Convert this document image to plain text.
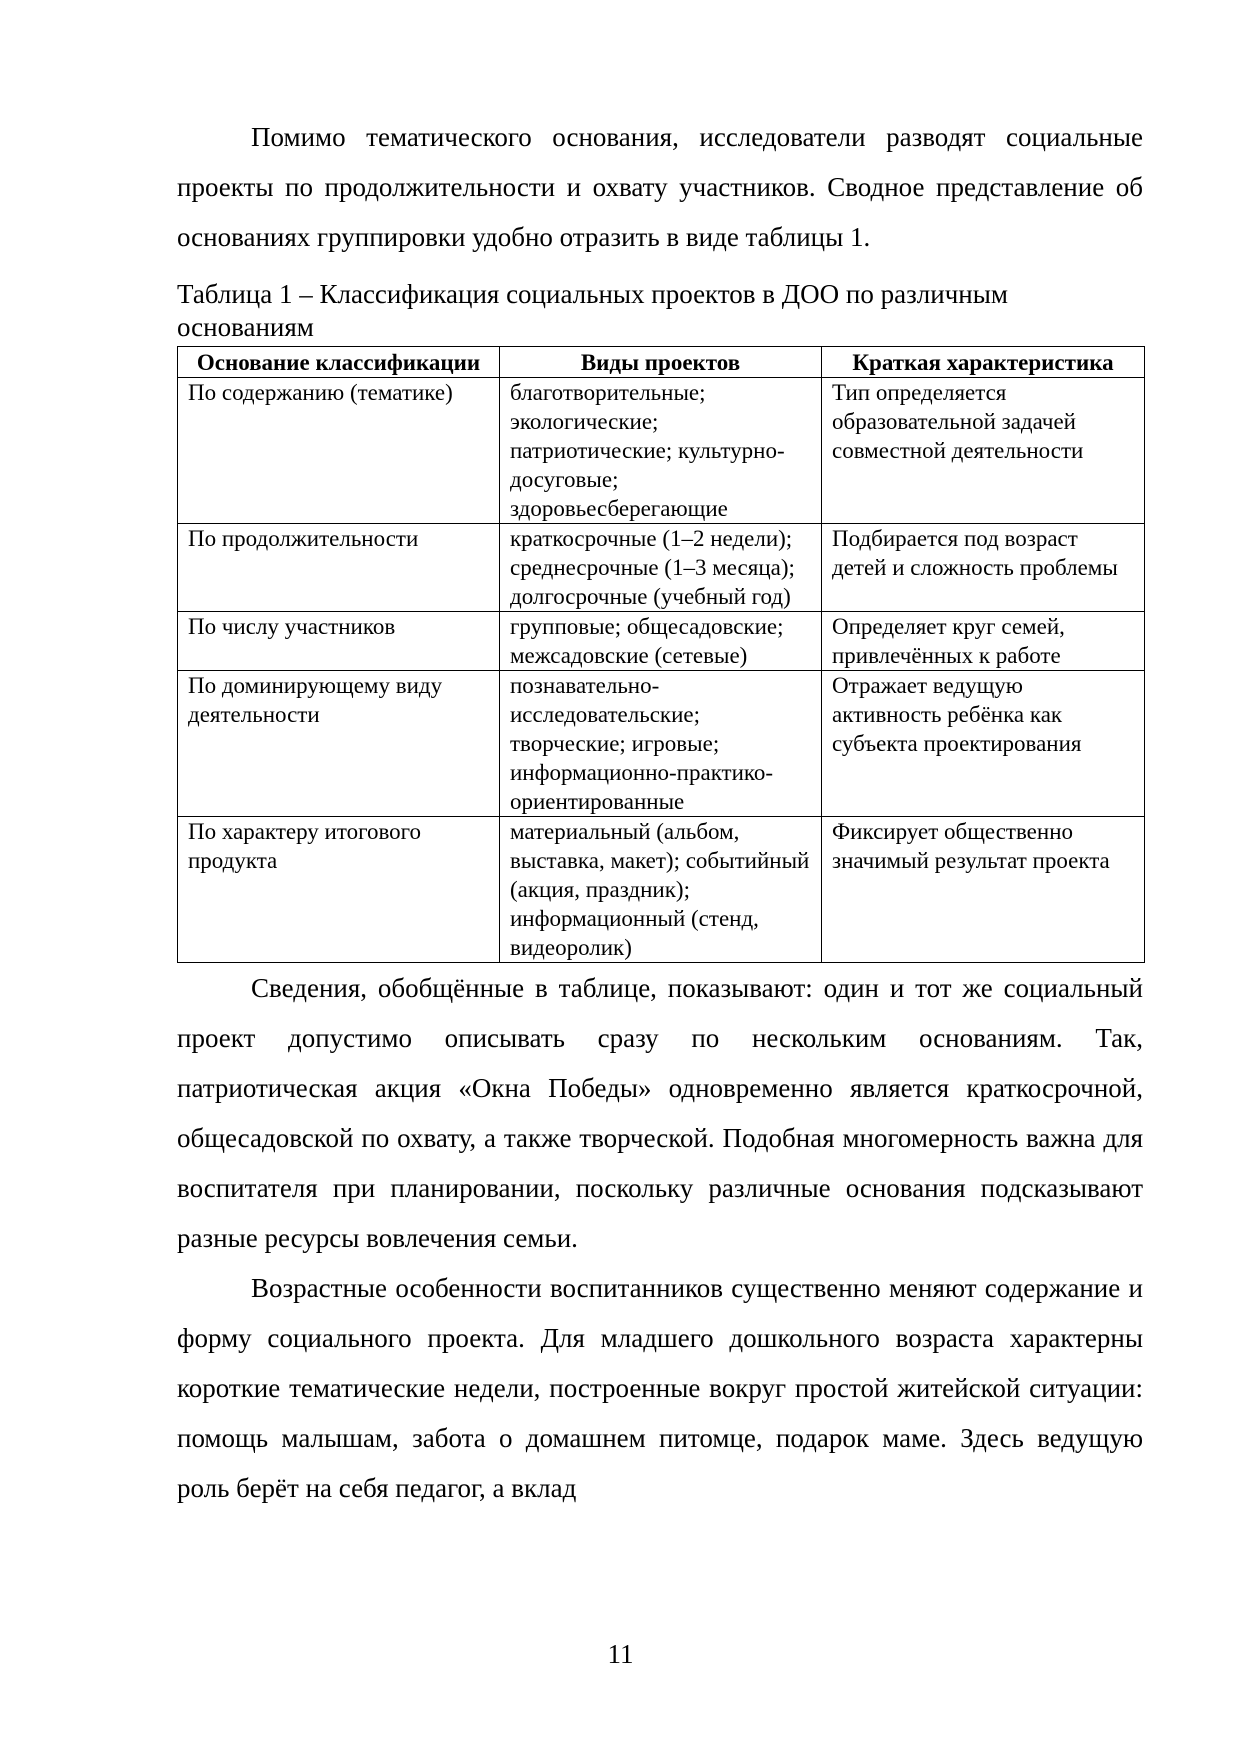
Помимо тематического основания, исследователи разводят социальные проекты по продолжительности и охвату участников. Сводное представление об основаниях группировки удобно отразить в виде таблицы 1.

Таблица 1 – Классификация социальных проектов в ДОО по различным основаниям
Основание классификации	Виды проектов	Краткая характеристика
По содержанию (тематике)	благотворительные; экологические; патриотические; культурно-досуговые; здоровьесберегающие	Тип определяется образовательной задачей совместной деятельности
По продолжительности	краткосрочные (1–2 недели); среднесрочные (1–3 месяца); долгосрочные (учебный год)	Подбирается под возраст детей и сложность проблемы
По числу участников	групповые; общесадовские; межсадовские (сетевые)	Определяет круг семей, привлечённых к работе
По доминирующему виду деятельности	познавательно-исследовательские; творческие; игровые; информационно-практико-ориентированные	Отражает ведущую активность ребёнка как субъекта проектирования
По характеру итогового продукта	материальный (альбом, выставка, макет); событийный (акция, праздник); информационный (стенд, видеоролик)	Фиксирует общественно значимый результат проекта

Сведения, обобщённые в таблице, показывают: один и тот же социальный проект допустимо описывать сразу по нескольким основаниям. Так, патриотическая акция «Окна Победы» одновременно является краткосрочной, общесадовской по охвату, а также творческой. Подобная многомерность важна для воспитателя при планировании, поскольку различные основания подсказывают разные ресурсы вовлечения семьи.

Возрастные особенности воспитанников существенно меняют содержание и форму социального проекта. Для младшего дошкольного возраста характерны короткие тематические недели, построенные вокруг простой житейской ситуации: помощь малышам, забота о домашнем питомце, подарок маме. Здесь ведущую роль берёт на себя педагог, а вклад

11
